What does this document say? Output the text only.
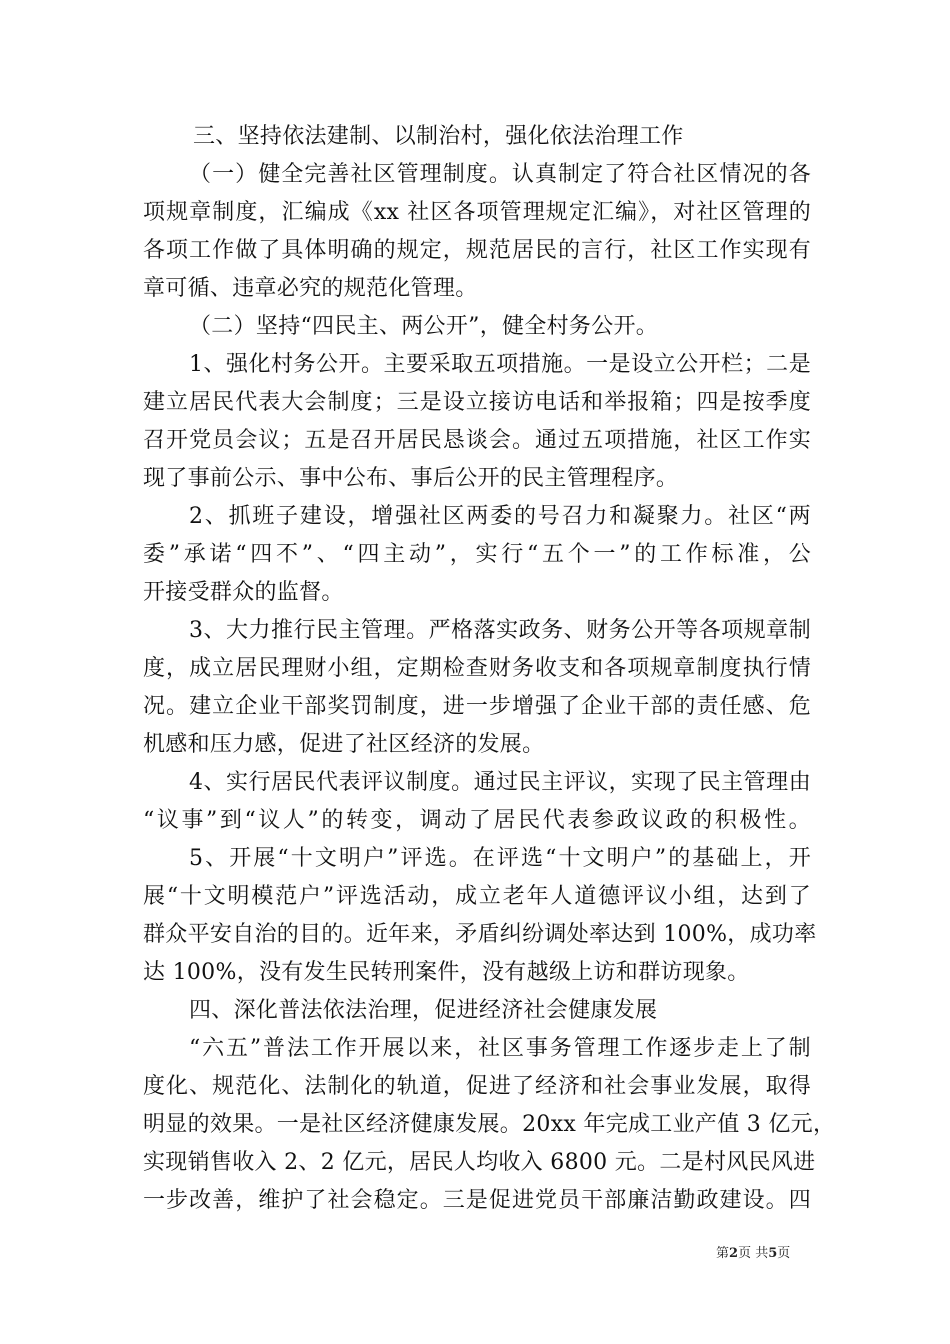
三、坚持依法建制、以制治村，强化依法治理工作
（一）健全完善社区管理制度。认真制定了符合社区情况的各
项规章制度，汇编成《xx 社区各项管理规定汇编》，对社区管理的
各项工作做了具体明确的规定，规范居民的言行，社区工作实现有
章可循、违章必究的规范化管理。
（二）坚持“四民主、两公开”，健全村务公开。
1、强化村务公开。主要采取五项措施。一是设立公开栏；二是
建立居民代表大会制度；三是设立接访电话和举报箱；四是按季度
召开党员会议；五是召开居民恳谈会。通过五项措施，社区工作实
现了事前公示、事中公布、事后公开的民主管理程序。
2、抓班子建设，增强社区两委的号召力和凝聚力。社区“两
委”承诺“四不”、“四主动”，实行“五个一”的工作标准，公
开接受群众的监督。
3、大力推行民主管理。严格落实政务、财务公开等各项规章制
度，成立居民理财小组，定期检查财务收支和各项规章制度执行情
况。建立企业干部奖罚制度，进一步增强了企业干部的责任感、危
机感和压力感，促进了社区经济的发展。
4、实行居民代表评议制度。通过民主评议，实现了民主管理由
“议事”到“议人”的转变，调动了居民代表参政议政的积极性。
5、开展“十文明户”评选。在评选“十文明户”的基础上，开
展“十文明模范户”评选活动，成立老年人道德评议小组，达到了
群众平安自治的目的。近年来，矛盾纠纷调处率达到 100%，成功率
达 100%，没有发生民转刑案件，没有越级上访和群访现象。
四、深化普法依法治理，促进经济社会健康发展
“六五”普法工作开展以来，社区事务管理工作逐步走上了制
度化、规范化、法制化的轨道，促进了经济和社会事业发展，取得
明显的效果。一是社区经济健康发展。20xx 年完成工业产值 3 亿元，
实现销售收入 2、2 亿元，居民人均收入 6800 元。二是村风民风进
一步改善，维护了社会稳定。三是促进党员干部廉洁勤政建设。四
第2页 共5页
